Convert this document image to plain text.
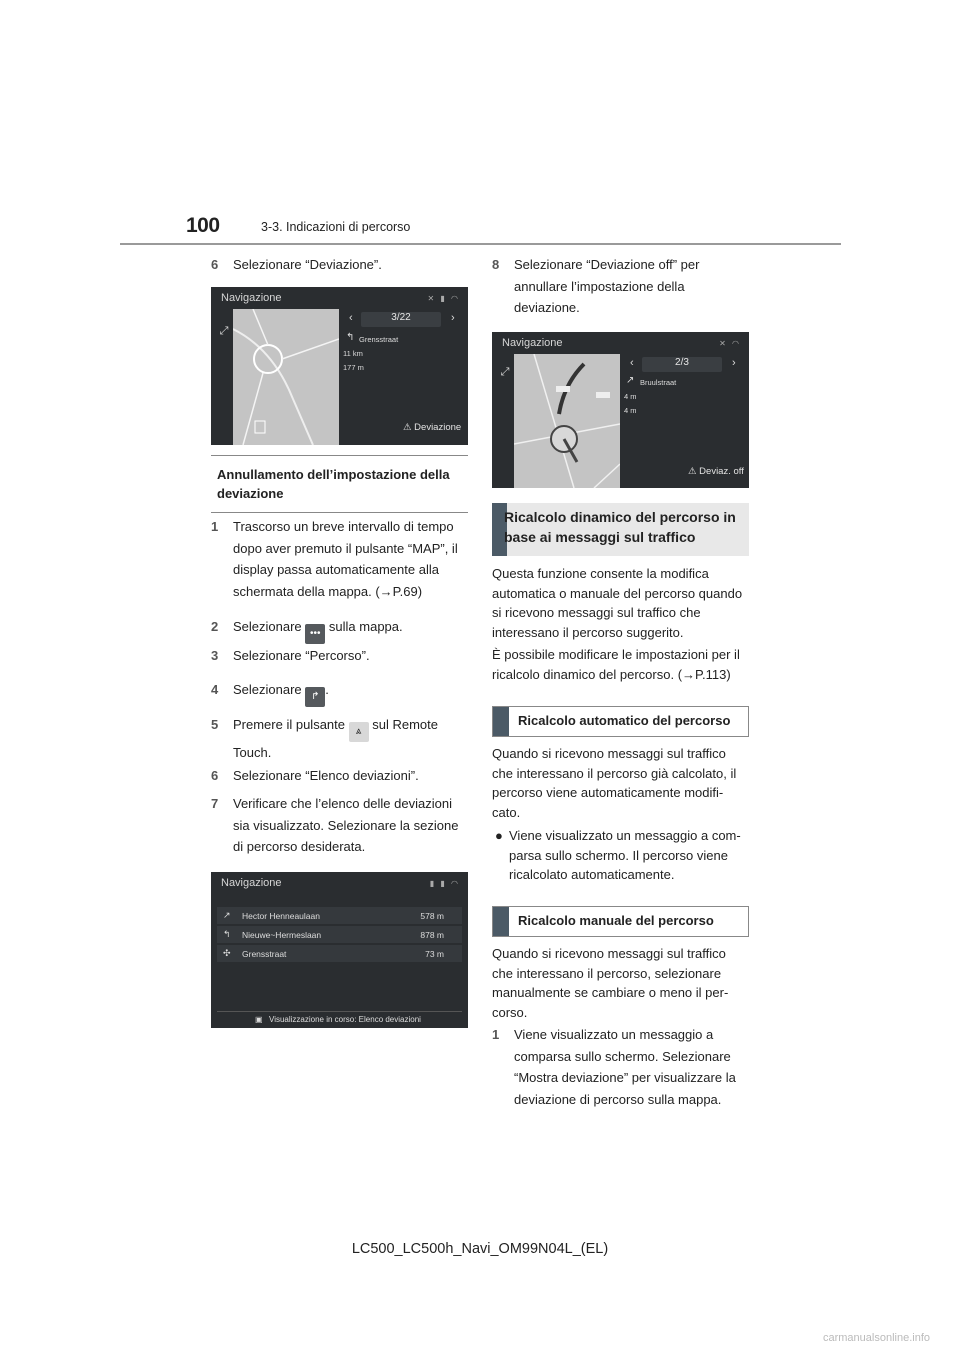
100	3-3. Indicazioni di percorso
6 Selezionare “Deviazione”.
Navigazione	✕ ▮ ◠
⤢
‹	3/22	›
↰ Grensstraat
11 km
177 m
⚠ Deviazione
Annullamento dell’impostazione della deviazione
1 Trascorso un breve intervallo di tempo dopo aver premuto il pulsante “MAP”, il display passa automaticamente alla schermata della mappa. (→P.69)
2 Selezionare ••• sulla mappa.
3 Selezionare “Percorso”.
4 Selezionare ↱ .
5 Premere il pulsante ⩓ sul Remote Touch.
6 Selezionare “Elenco deviazioni”.
7 Verificare che l’elenco delle deviazioni sia visualizzato. Selezionare la sezione di percorso desiderata.
Navigazione	▮ ▮ ◠
↗ Hector Henneaulaan	578 m
↰ Nieuwe~Hermeslaan	878 m
✣ Grensstraat	73 m
▣ Visualizzazione in corso: Elenco deviazioni
8 Selezionare “Deviazione off” per annullare l’impostazione della deviazione.
Navigazione	✕ ◠
⤢
‹	2/3	›
↗ Bruulstraat
4 m
4 m
⚠ Deviaz. off
Ricalcolo dinamico del percorso in base ai messaggi sul traffico
Questa funzione consente la modifica automatica o manuale del percorso quando si ricevono messaggi sul traffico che interessano il percorso suggerito.
È possibile modificare le impostazioni per il ricalcolo dinamico del percorso. (→P.113)
Ricalcolo automatico del percorso
Quando si ricevono messaggi sul traffico che interessano il percorso già calcolato, il percorso viene automaticamente modifi-cato.
● Viene visualizzato un messaggio a com-parsa sullo schermo. Il percorso viene ricalcolato automaticamente.
Ricalcolo manuale del percorso
Quando si ricevono messaggi sul traffico che interessano il percorso, selezionare manualmente se cambiare o meno il per-corso.
1 Viene visualizzato un messaggio a comparsa sullo schermo. Selezionare “Mostra deviazione” per visualizzare la deviazione di percorso sulla mappa.
LC500_LC500h_Navi_OM99N04L_(EL)
carmanualsonline.info
